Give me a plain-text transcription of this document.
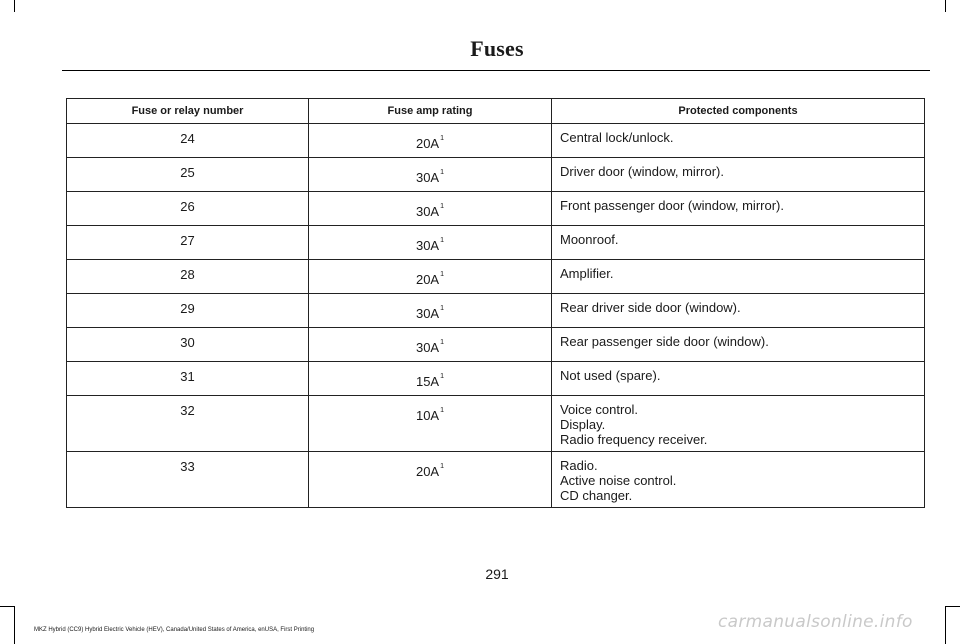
Fuses
Fuse or relay number	Fuse amp rating	Protected components
24	$20A^1$	Central lock/unlock.

25	$30A^1$	Driver door (window, mirror).

26	$30A^1$	Front passenger door (window, mirror).

27	$30A^1$	Moonroof.

28	$20A^1$	Amplifier.

29	$30A^1$	Rear driver side door (window).

30	$30A^1$	Rear passenger side door (window).

31	$15A^1$	Not used (spare).

32	$10A^1$	Voice control.
Display.
Radio frequency receiver.

33	$20A^1$	Radio.
Active noise control.
CD changer.
291
MKZ Hybrid (CC9) Hybrid Electric Vehicle (HEV), Canada/United States of America, enUSA, First Printing	carmanualsonline.info
